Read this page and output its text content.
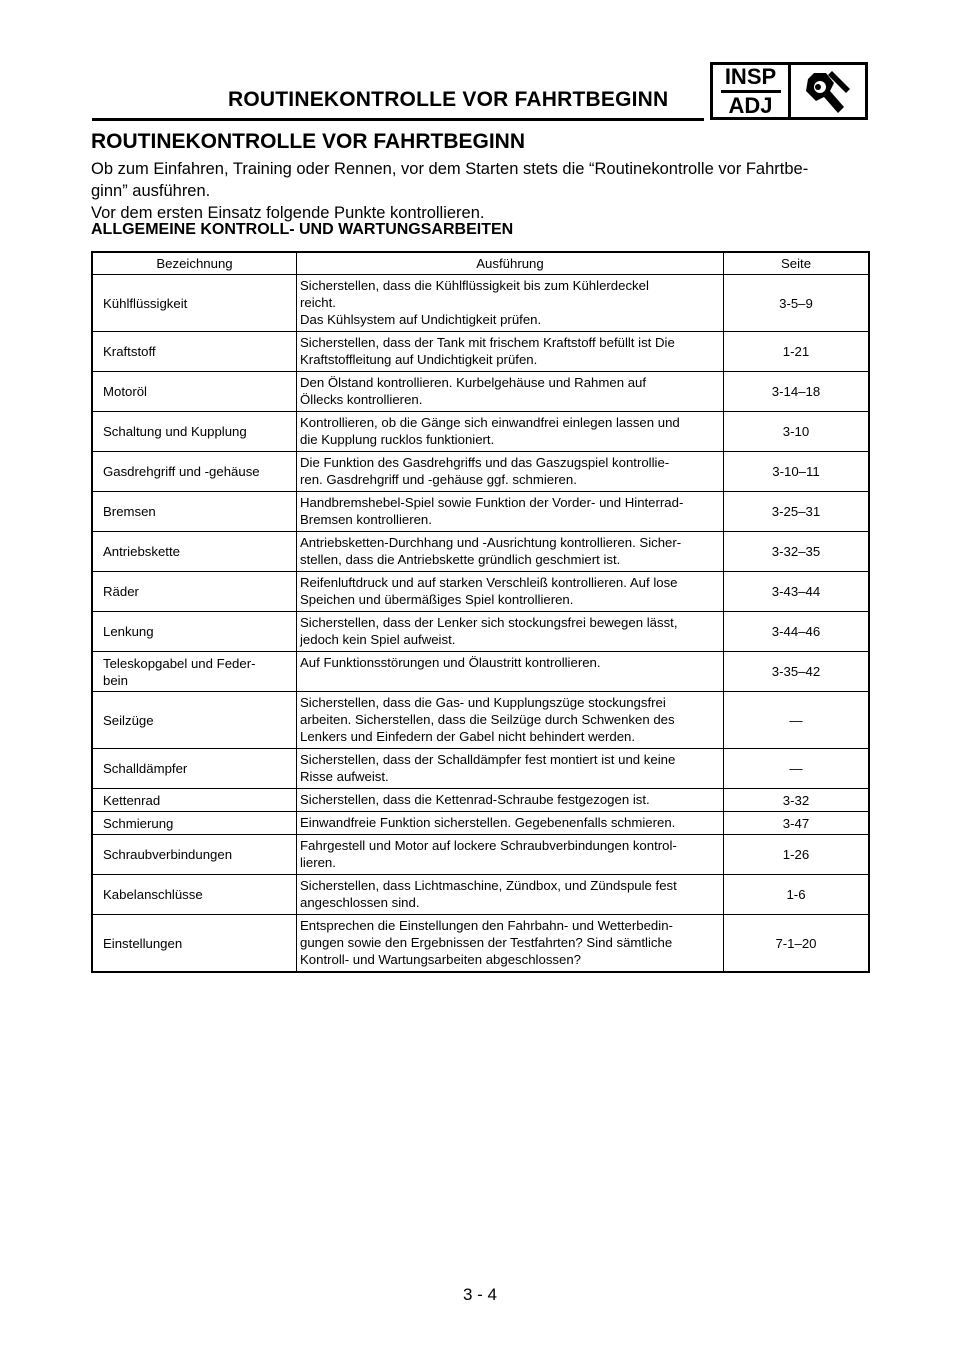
ROUTINEKONTROLLE VOR FAHRTBEGINN
INSP
ADJ
ROUTINEKONTROLLE VOR FAHRTBEGINN

Ob zum Einfahren, Training oder Rennen, vor dem Starten stets die “Routinekontrolle vor Fahrtbe-

ginn” ausführen.

Vor dem ersten Einsatz folgende Punkte kontrollieren.

ALLGEMEINE KONTROLL- UND WARTUNGSARBEITEN
Bezeichnung	Ausführung	Seite

Kühlflüssigkeit	Sicherstellen, dass die Kühlflüssigkeit bis zum Kühlerdeckel
reicht.
Das Kühlsystem auf Undichtigkeit prüfen.	3-5–9

Kraftstoff	Sicherstellen, dass der Tank mit frischem Kraftstoff befüllt ist Die
Kraftstoffleitung auf Undichtigkeit prüfen.	1-21

Motoröl	Den Ölstand kontrollieren. Kurbelgehäuse und Rahmen auf
Öllecks kontrollieren.	3-14–18

Schaltung und Kupplung	Kontrollieren, ob die Gänge sich einwandfrei einlegen lassen und
die Kupplung rucklos funktioniert.	3-10

Gasdrehgriff und -gehäuse	Die Funktion des Gasdrehgriffs und das Gaszugspiel kontrollie-
ren. Gasdrehgriff und -gehäuse ggf. schmieren.	3-10–11

Bremsen	Handbremshebel-Spiel sowie Funktion der Vorder- und Hinterrad-
Bremsen kontrollieren.	3-25–31

Antriebskette	Antriebsketten-Durchhang und -Ausrichtung kontrollieren. Sicher-
stellen, dass die Antriebskette gründlich geschmiert ist.	3-32–35

Räder	Reifenluftdruck und auf starken Verschleiß kontrollieren. Auf lose
Speichen und übermäßiges Spiel kontrollieren.	3-43–44

Lenkung	Sicherstellen, dass der Lenker sich stockungsfrei bewegen lässt,
jedoch kein Spiel aufweist.	3-44–46

Teleskopgabel und Feder-
bein	Auf Funktionsstörungen und Ölaustritt kontrollieren.	3-35–42

Seilzüge	Sicherstellen, dass die Gas- und Kupplungszüge stockungsfrei
arbeiten. Sicherstellen, dass die Seilzüge durch Schwenken des
Lenkers und Einfedern der Gabel nicht behindert werden.	—

Schalldämpfer	Sicherstellen, dass der Schalldämpfer fest montiert ist und keine
Risse aufweist.	—

Kettenrad	Sicherstellen, dass die Kettenrad-Schraube festgezogen ist.	3-32

Schmierung	Einwandfreie Funktion sicherstellen. Gegebenenfalls schmieren.	3-47

Schraubverbindungen	Fahrgestell und Motor auf lockere Schraubverbindungen kontrol-
lieren.	1-26

Kabelanschlüsse	Sicherstellen, dass Lichtmaschine, Zündbox, und Zündspule fest
angeschlossen sind.	1-6

Einstellungen	Entsprechen die Einstellungen den Fahrbahn- und Wetterbedin-
gungen sowie den Ergebnissen der Testfahrten? Sind sämtliche
Kontroll- und Wartungsarbeiten abgeschlossen?	7-1–20
3 - 4
